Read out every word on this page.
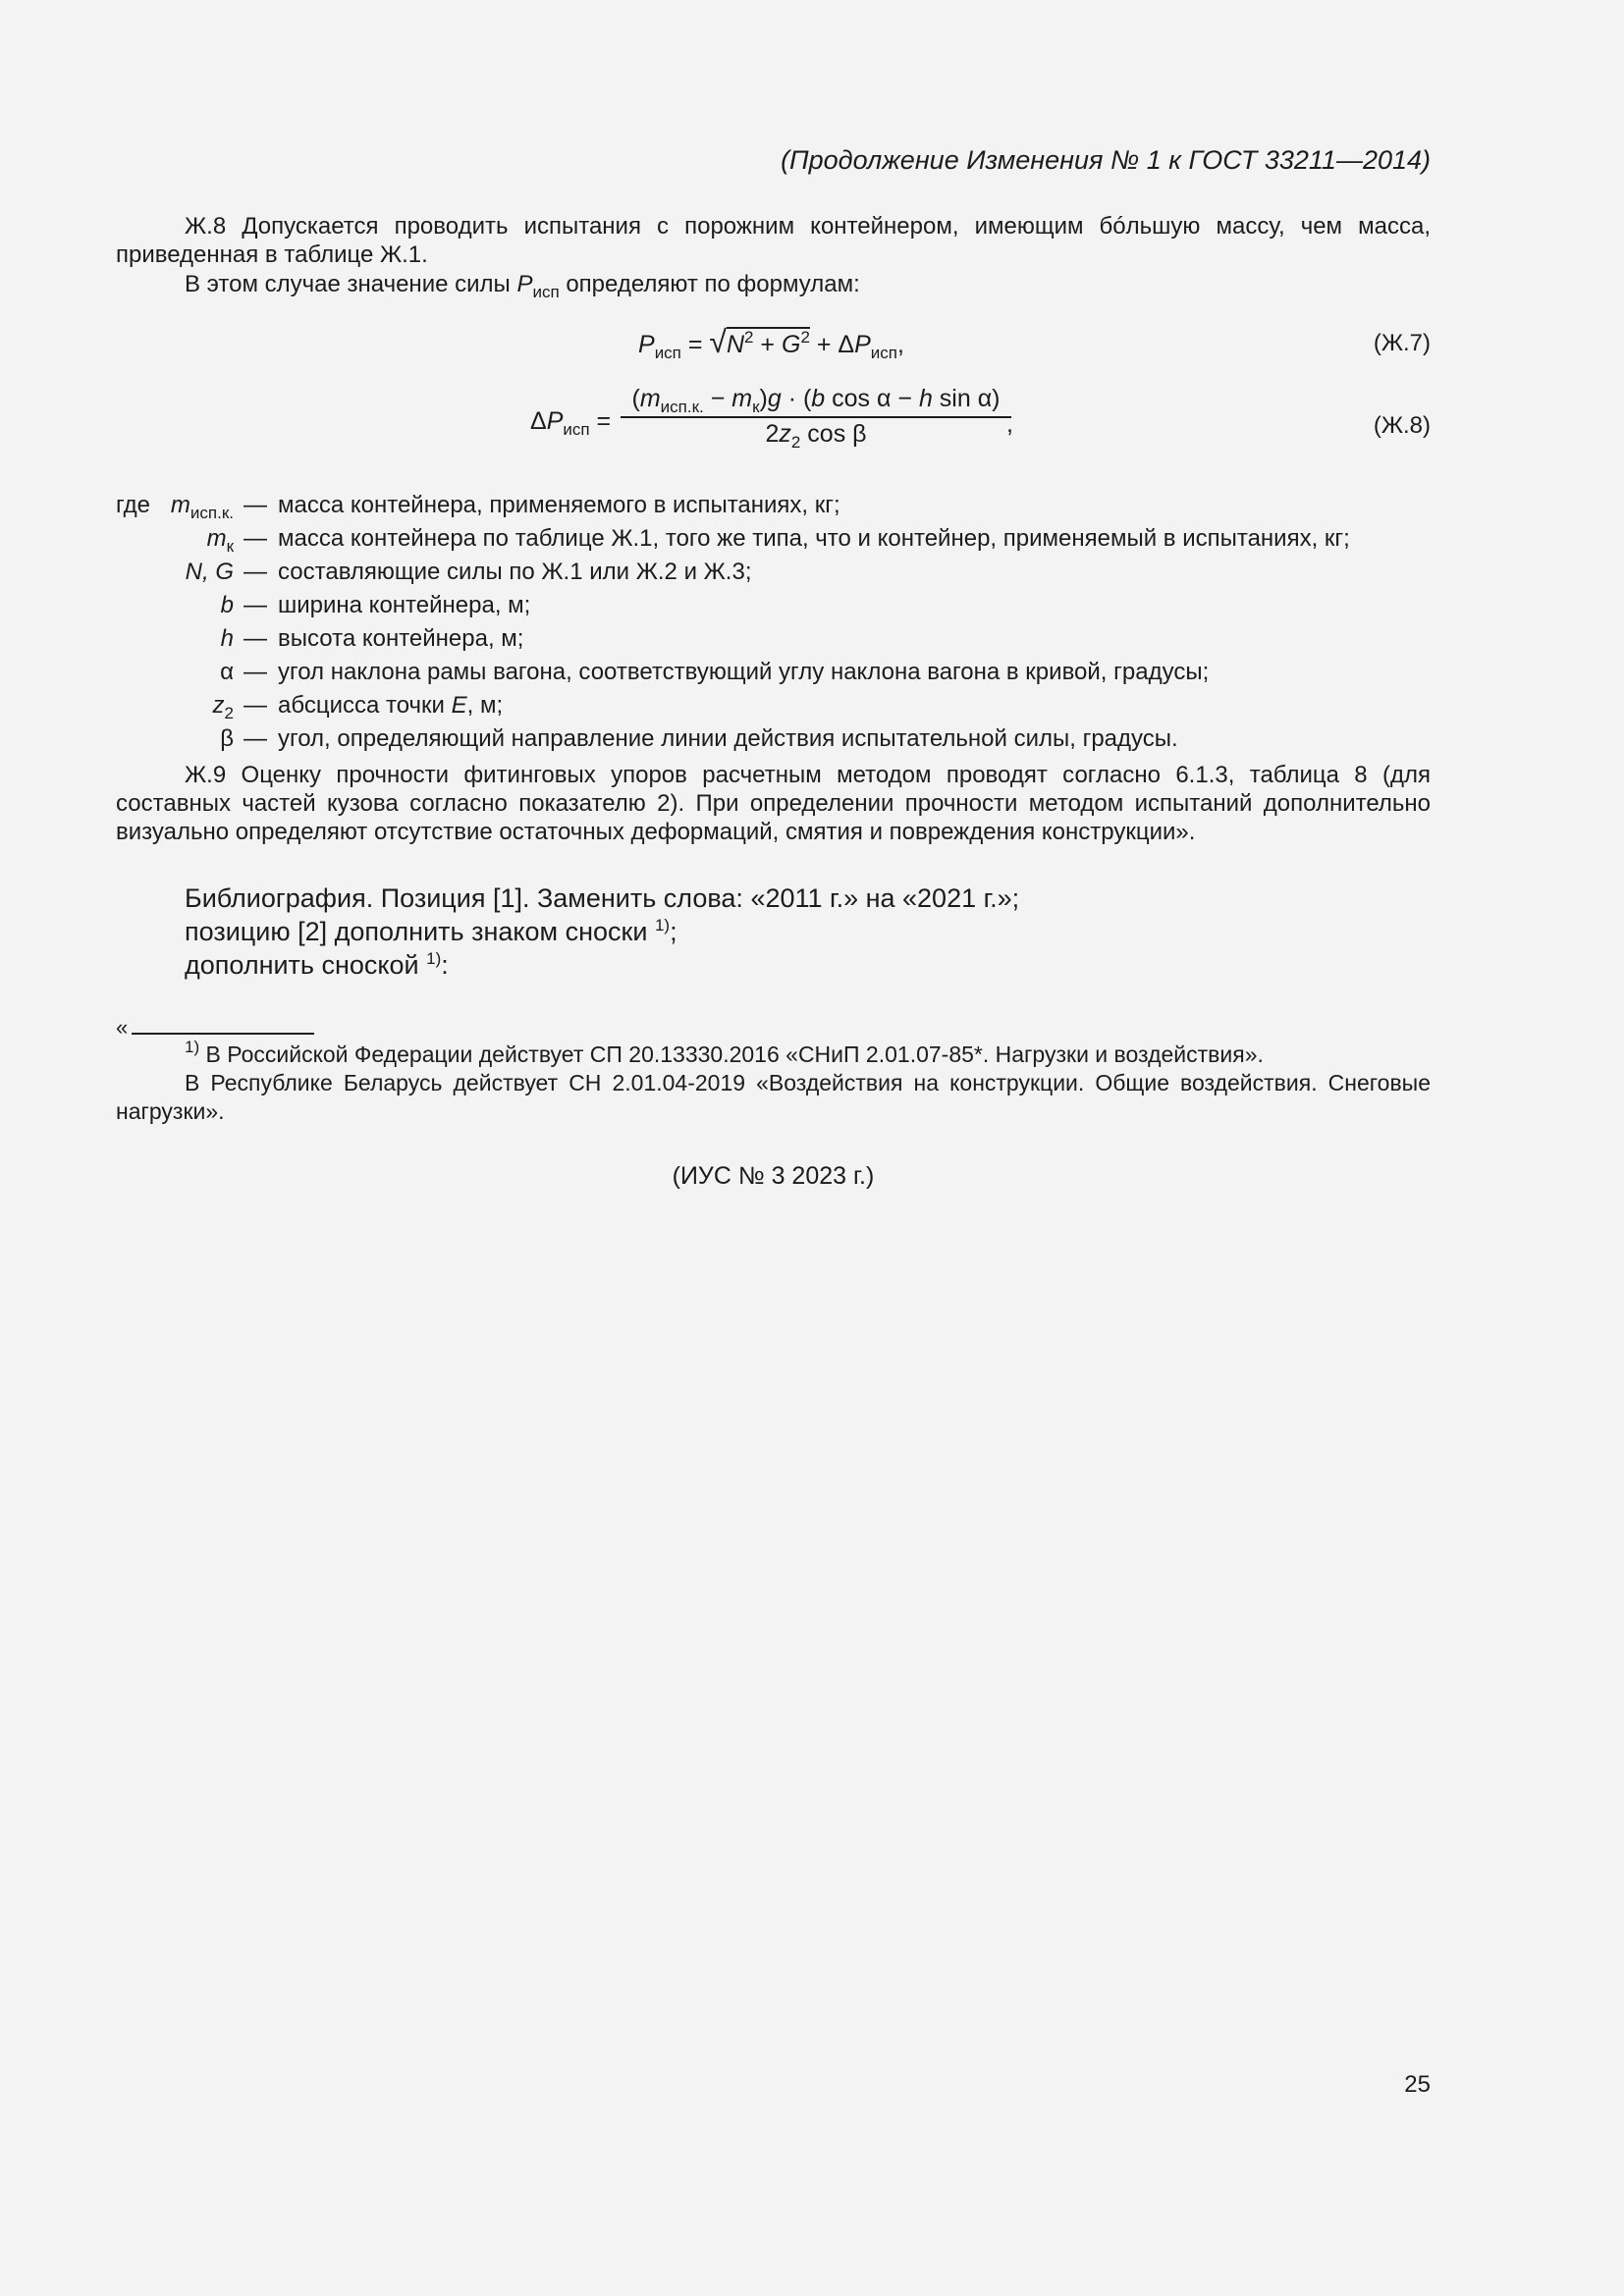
(Продолжение Изменения № 1 к ГОСТ 33211—2014)
Ж.8 Допускается проводить испытания с порожним контейнером, имеющим бóльшую массу, чем масса, приведенная в таблице Ж.1.
В этом случае значение силы $P_{исп}$ определяют по формулам:
$P_{исп} = √N^2 + G^2 + \Delta P_{исп}$,	(Ж.7)
$\Delta P_{исп}$ =
$(m_{исп.к.} - m_к)g \cdot (b$ cos α − h sin α)
$2z_2$ cos β	,	(Ж.8)
где $m_{исп.к.}$ — масса контейнера, применяемого в испытаниях, кг;
$m_к$ — масса контейнера по таблице Ж.1, того же типа, что и контейнер, применяемый в испытаниях, кг;
N, G — составляющие силы по Ж.1 или Ж.2 и Ж.3;
b — ширина контейнера, м;
h — высота контейнера, м;
α — угол наклона рамы вагона, соответствующий углу наклона вагона в кривой, градусы;
$z_2$ — абсцисса точки E, м;
β — угол, определяющий направление линии действия испытательной силы, градусы.
Ж.9 Оценку прочности фитинговых упоров расчетным методом проводят согласно 6.1.3, таблица 8 (для составных частей кузова согласно показателю 2). При определении прочности методом испытаний дополнительно визуально определяют отсутствие остаточных деформаций, смятия и повреждения конструкции».
Библиография. Позиция [1]. Заменить слова: «2011 г.» на «2021 г.»;
позицию [2] дополнить знаком сноски $^{1)}$;
дополнить сноской $^{1)}$:
«
$^{1)}$ В Российской Федерации действует СП 20.13330.2016 «СНиП 2.01.07-85*. Нагрузки и воздействия».
В Республике Беларусь действует СН 2.01.04-2019 «Воздействия на конструкции. Общие воздействия. Снеговые нагрузки».
(ИУС № 3 2023 г.)
25
